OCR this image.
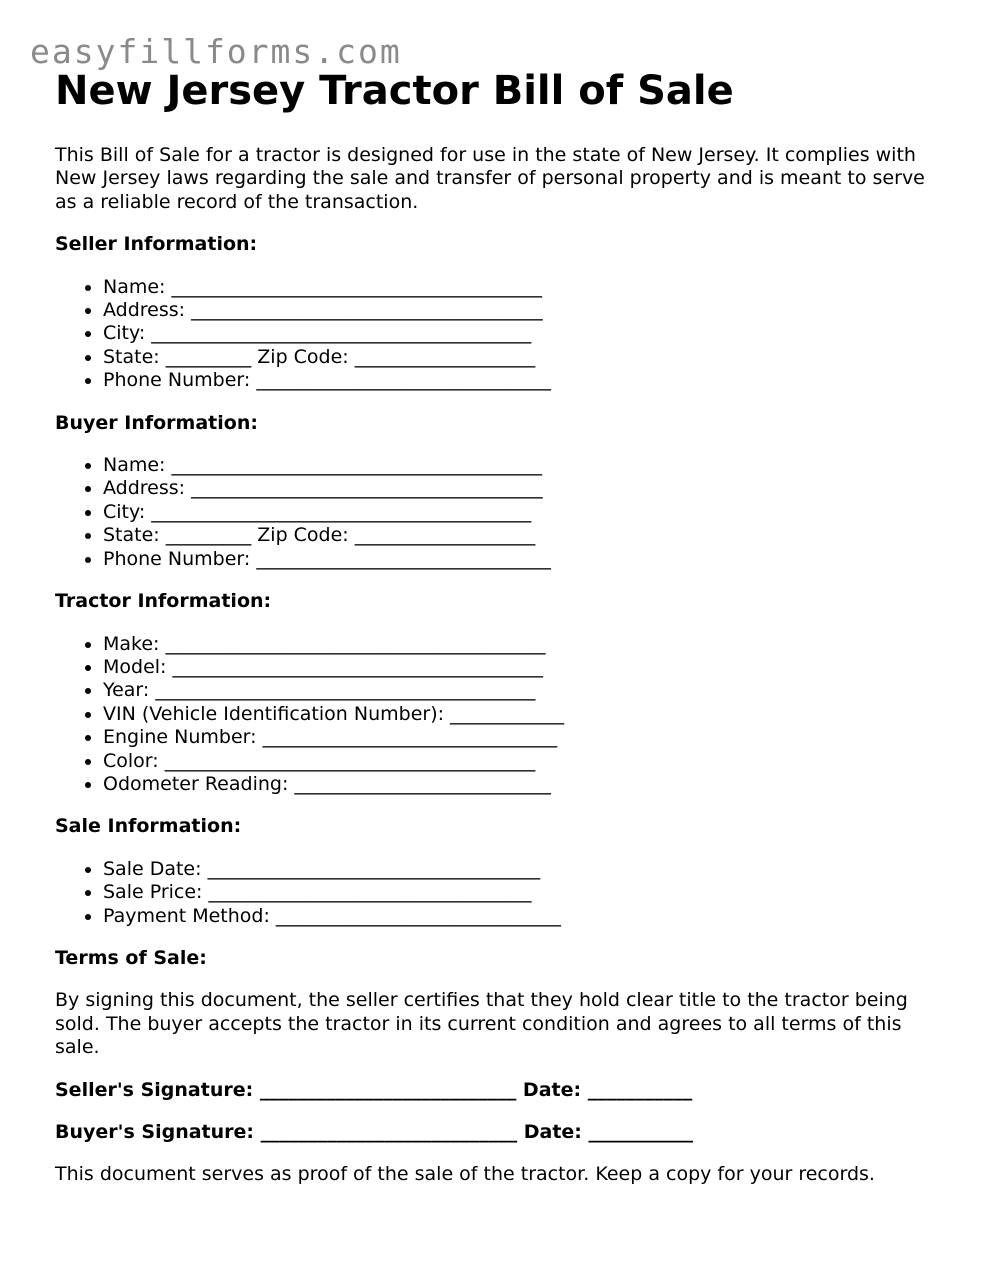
easyfillforms.com
New Jersey Tractor Bill of Sale

This Bill of Sale for a tractor is designed for use in the state of New Jersey. It complies with New Jersey laws regarding the sale and transfer of personal property and is meant to serve as a reliable record of the transaction.

Seller Information:
• Name: _______________________________________
• Address: _____________________________________
• City: ________________________________________
• State: _________ Zip Code: ___________________
• Phone Number: _______________________________
Buyer Information:
• Name: _______________________________________
• Address: _____________________________________
• City: ________________________________________
• State: _________ Zip Code: ___________________
• Phone Number: _______________________________
Tractor Information:
• Make: ________________________________________
• Model: _______________________________________
• Year: ________________________________________
• VIN (Vehicle Identification Number): ____________
• Engine Number: _______________________________
• Color: _______________________________________
• Odometer Reading: ___________________________
Sale Information:
• Sale Date: ___________________________________
• Sale Price: __________________________________
• Payment Method: ______________________________
Terms of Sale:

By signing this document, the seller certifies that they hold clear title to the tractor being sold. The buyer accepts the tractor in its current condition and agrees to all terms of this sale.

Seller's Signature: ___________________________ Date: ___________

Buyer's Signature: ___________________________ Date: ___________

This document serves as proof of the sale of the tractor. Keep a copy for your records.
